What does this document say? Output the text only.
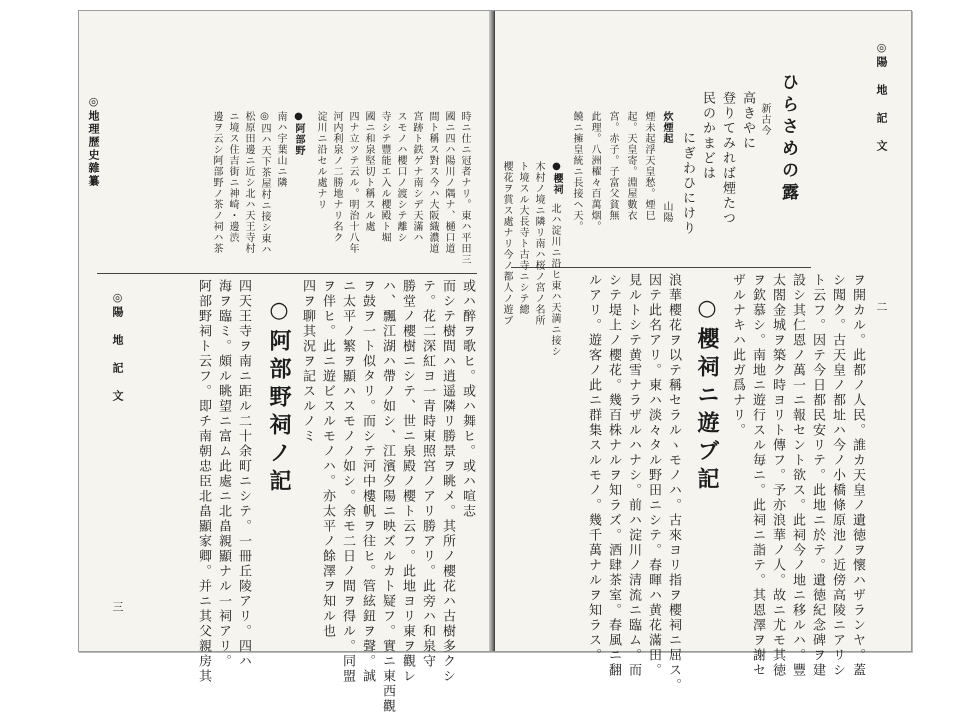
◎地理歷史雜纂	時ニ仕ニ冠者ナリ。東ハ平田三
國ニ四ハ陽川ノ隅ナ、樋口道
間ト稱ス對ス今ハ大阪織濃道
宮跡ト鉄ゲナ南シデ天滿ハ
スモノハ櫻口ノ渡シテ離シ
寺シテ豐能エ入ル櫻殿ト堀
國ニ和泉堅切ト稱スル處
四ナ立ツテ云ル。明治十八年
河内利泉ノ二勝地ナリ名ク
淀川ニ沿セル處ナリ
●阿部野
南ハ宇葉山ニ隣
◎四ハ天下茶屋村ニ接シ東ハ
松原田邊ニ近シ北ハ天王寺村
ニ境ス住吉街ニ神崎・邊渋
邊ヲ云シ阿部野ノ茶ノ祠ハ茶
或ハ醉ヲ歌ヒ。或ハ舞ヒ。或ハ喧志
而シテ樹間ハ逍遥隣リ勝景ヲ眺メ。其所ノ櫻花ハ古樹多クシ
テ。花二深紅ヨ一青時東照宮ノアリ勝アリ。此旁ハ和泉守
勝堂ノ櫻樹ニシテ、世ニ泉殿ノ櫻ト云フ。此地ヨリ東ヲ觀レ
ハ、飄江湖ハ帶ノ如シ、江濱夕陽ニ映ズルカト疑フ。實ニ東西觀
ヲ鼓ヲ一ト似タリ。而シテ河中樓帆ヲ往ヒ。管絃鈕ヲ聲。誠
ニ太平ノ繁ヲ顯ハスモノノ如シ。余モ二日ノ間ヲ得ル。同盟
ヲ伴ヒ。此ニ遊ビスルモノハ。亦太平ノ餘澤ヲ知ル也
四ヲ聊其況ヲ記スルノミ
○阿部野祠ノ記
四天王寺ヲ南ニ距ル二十余町ニシテ。一冊丘陵アリ。四ハ
海ヲ臨ミ。頗ル眺望ニ富ム此處ニ北畠親顯ナル一祠アリ。
阿部野祠ト云フ。即チ南朝忠臣北畠顯家卿。并ニ其父親房其
◎陽 地 記 文
三
◎陽 地 記 文
二
ヲ開カル。此都ノ人民。誰カ天皇ノ遺徳ヲ懷ハザランヤ。蓋
シ聞ク。古天皇ノ都址ハ今ノ小橋條原池ノ近傍高陵ニアリシ
ト云フ。因テ今日都民安リテ。此地ニ於テ。遺徳紀念碑ヲ建
設シ其仁恩ノ萬一ニ報セント欲ス。此祠今ノ地ニ移ルハ。豐
太閤金城ヲ築ク時ヨリト傳フ。予亦浪華ノ人。故ニ尤モ其徳
ヲ欽慕シ。南地ニ遊行スル毎ニ。此祠ニ詣テ。其恩澤ヲ謝セ
ザルナキハ此ガ爲ナリ。
○櫻祠ニ遊ブ記
浪華櫻花ヲ以テ稱セラルヽモノハ。古來ヨリ指ヲ櫻祠ニ屈ス。
因テ此名アリ。東ハ淡々タル野田ニシテ。春暉ハ黄花滿田。
見ルトシテ黄雪ナラザルハナシ。前ハ淀川ノ清流ニ臨ム。而
シテ堤上ノ櫻花。幾百株ナルヲ知ラズ。酒肆茶室。春風ニ翻
ルアリ。遊客ノ此ニ群集スルモノ。幾千萬ナルヲ知ラス。
ひらさめの露
新古今
高きやに
登りてみれば煙たつ
民のかまどは
にぎわひにけり
炊煙起
山陽
煙未起浮天皇愁。煙巳
起。天皇寄。淵屋數衣
宮。赤子。子富父貧無
此理。八洲櫂々百萬烟。
饒ニ擁皇統ニ長接ヘ天。
●櫻祠
北ハ淀川ニ沿ヒ東ハ天満ニ接シ
木村ノ境ニ隣リ南ハ桜ノ宮ノ名所
ト境スル大長寺ト古寺ニシテ總
櫻花ヲ賞ス處ナリ今ノ都人ノ遊ブ
